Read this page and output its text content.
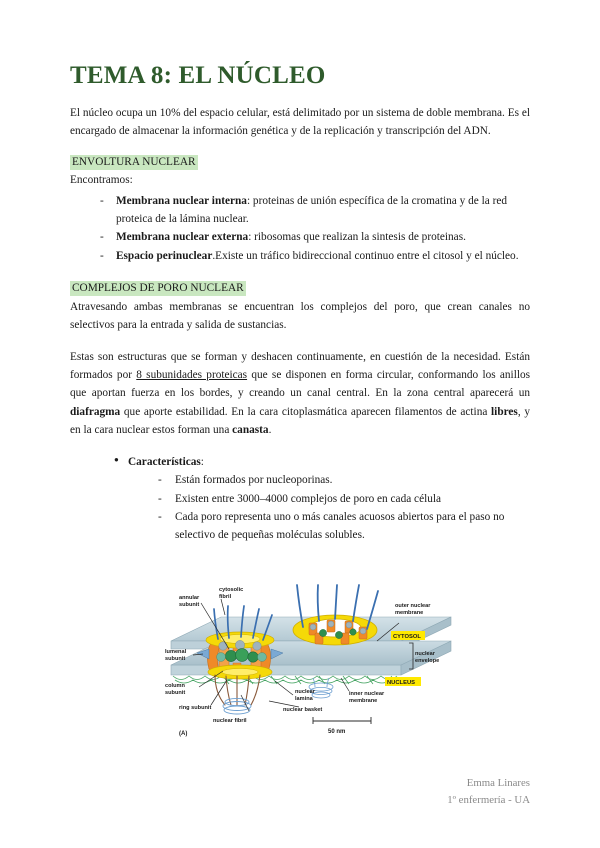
TEMA 8: EL NÚCLEO

El núcleo ocupa un 10% del espacio celular, está delimitado por un sistema de doble membrana. Es el encargado de almacenar la información genética y de la replicación y transcripción del ADN.

ENVOLTURA NUCLEAR

Encontramos:

- Membrana nuclear interna: proteinas de unión específica de la cromatina y de la red proteica de la lámina nuclear.
- Membrana nuclear externa: ribosomas que realizan la sintesis de proteinas.
- Espacio perinuclear.Existe un tráfico bidireccional continuo entre el citosol y el núcleo.
COMPLEJOS DE PORO NUCLEAR

Atravesando ambas membranas se encuentran los complejos del poro, que crean canales no selectivos para la entrada y salida de sustancias.

Estas son estructuras que se forman y deshacen continuamente, en cuestión de la necesidad. Están formados por 8 subunidades proteicas que se disponen en forma circular, conformando los anillos que aportan fuerza en los bordes, y creando un canal central. En la zona central aparecerá un diafragma que aporte estabilidad. En la cara citoplasmática aparecen filamentos de actina libres, y en la cara nuclear estos forman una canasta.

● Características:
- Están formados por nucleoporinas.
- Existen entre 3000–4000 complejos de poro en cada célula
- Cada poro representa uno o más canales acuosos abiertos para el paso no selectivo de pequeñas moléculas solubles.
annular
subunit
cytosolic
fibril
lumenal
subunit
column
subunit
ring subunit
nuclear fibril
nuclear
lamina
nuclear basket
inner nuclear
membrane
outer nuclear
membrane
nuclear
envelope
(A)
CYTOSOL
NUCLEUS
50 nm
Emma Linares
1º enfermería - UA
